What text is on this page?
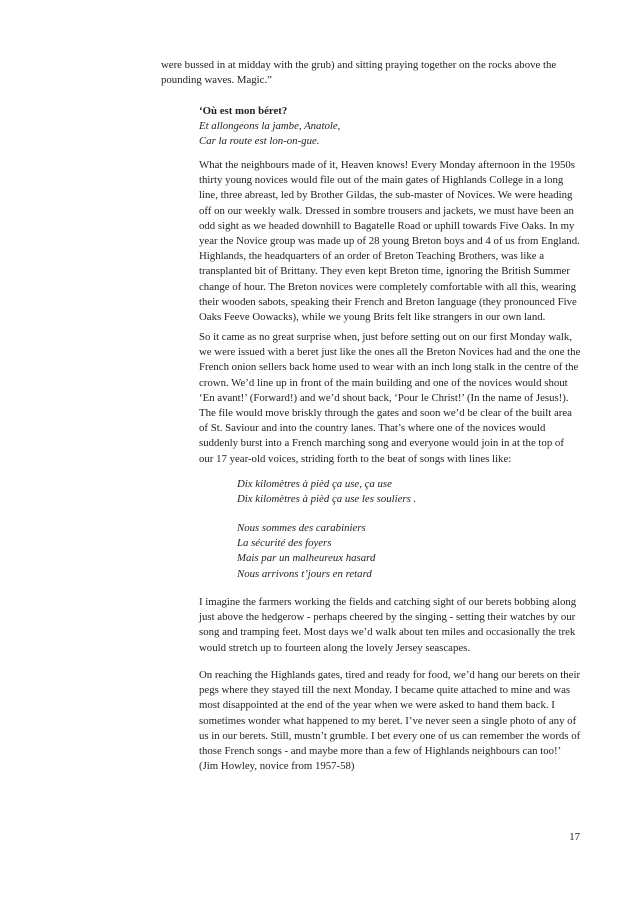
were bussed in at midday with the grub) and sitting praying together on the rocks above the
pounding waves. Magic.”
‘Où est mon béret?
Et allongeons la jambe, Anatole,
Car la route est lon-on-gue.
What the neighbours made of it, Heaven knows! Every Monday afternoon in the 1950s
thirty young novices would file out of the main gates of Highlands College in a long
line, three abreast, led by Brother Gildas, the sub-master of Novices. We were heading
off on our weekly walk. Dressed in sombre trousers and jackets, we must have been an
odd sight as we headed downhill to Bagatelle Road or uphill towards Five Oaks. In my
year the Novice group was made up of 28 young Breton boys and 4 of us from England.
Highlands, the headquarters of an order of Breton Teaching Brothers, was like a
transplanted bit of Brittany. They even kept Breton time, ignoring the British Summer
change of hour. The Breton novices were completely comfortable with all this, wearing
their wooden sabots, speaking their French and Breton language (they pronounced Five
Oaks Feeve Oowacks), while we young Brits felt like strangers in our own land.
So it came as no great surprise when, just before setting out on our first Monday walk,
we were issued with a beret just like the ones all the Breton Novices had and the one the
French onion sellers back home used to wear with an inch long stalk in the centre of the
crown. We’d line up in front of the main building and one of the novices would shout
‘En avant!’ (Forward!) and we’d shout back, ‘Pour le Christ!’ (In the name of Jesus!).
The file would move briskly through the gates and soon we’d be clear of the built area
of St. Saviour and into the country lanes. That’s where one of the novices would
suddenly burst into a French marching song and everyone would join in at the top of
our 17 year-old voices, striding forth to the beat of songs with lines like:
Dix kilomètres à pièd ça use, ça use
Dix kilomètres à pièd ça use les souliers .
Nous sommes des carabiniers
La sécurité des foyers
Mais par un malheureux hasard
Nous arrivons t’jours en retard
I imagine the farmers working the fields and catching sight of our berets bobbing along
just above the hedgerow - perhaps cheered by the singing - setting their watches by our
song and tramping feet. Most days we’d walk about ten miles and occasionally the trek
would stretch up to fourteen along the lovely Jersey seascapes.
On reaching the Highlands gates, tired and ready for food, we’d hang our berets on their
pegs where they stayed till the next Monday. I became quite attached to mine and was
most disappointed at the end of the year when we were asked to hand them back. I
sometimes wonder what happened to my beret. I’ve never seen a single photo of any of
us in our berets. Still, mustn’t grumble. I bet every one of us can remember the words of
those French songs - and maybe more than a few of Highlands neighbours can too!’
(Jim Howley, novice from 1957-58)
17
